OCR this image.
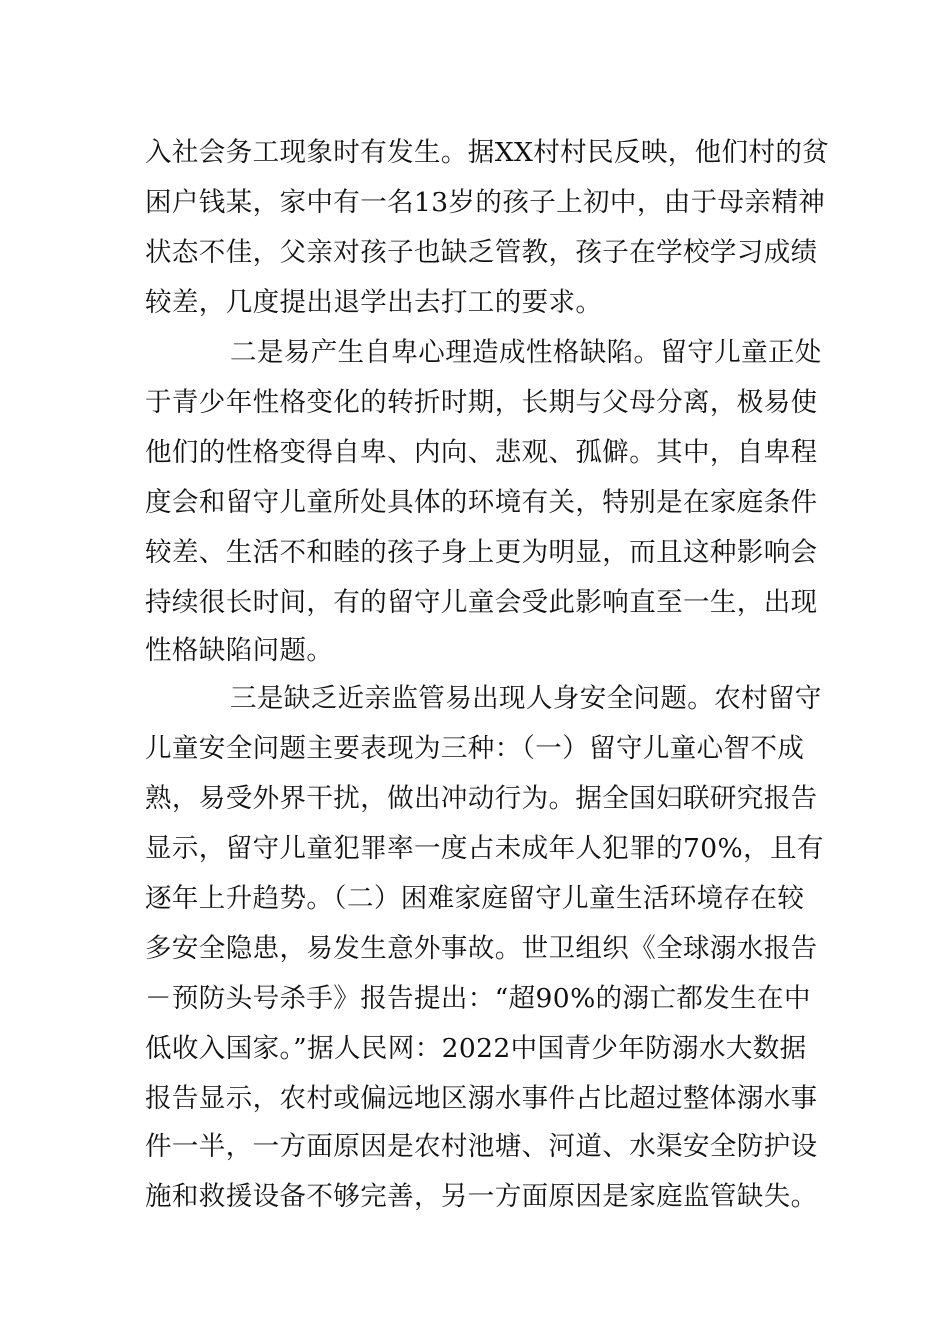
入社会务工现象时有发生。据XX村村民反映，他们村的贫
困户钱某，家中有一名13岁的孩子上初中，由于母亲精神
状态不佳，父亲对孩子也缺乏管教，孩子在学校学习成绩
较差，几度提出退学出去打工的要求。
二是易产生自卑心理造成性格缺陷。留守儿童正处
于青少年性格变化的转折时期，长期与父母分离，极易使
他们的性格变得自卑、内向、悲观、孤僻。其中，自卑程
度会和留守儿童所处具体的环境有关，特别是在家庭条件
较差、生活不和睦的孩子身上更为明显，而且这种影响会
持续很长时间，有的留守儿童会受此影响直至一生，出现
性格缺陷问题。
三是缺乏近亲监管易出现人身安全问题。农村留守
儿童安全问题主要表现为三种：（一）留守儿童心智不成
熟，易受外界干扰，做出冲动行为。据全国妇联研究报告
显示，留守儿童犯罪率一度占未成年人犯罪的70%，且有
逐年上升趋势。（二）困难家庭留守儿童生活环境存在较
多安全隐患，易发生意外事故。世卫组织《全球溺水报告
－预防头号杀手》报告提出：“超90%的溺亡都发生在中
低收入国家。”据人民网：2022中国青少年防溺水大数据
报告显示，农村或偏远地区溺水事件占比超过整体溺水事
件一半，一方面原因是农村池塘、河道、水渠安全防护设
施和救援设备不够完善，另一方面原因是家庭监管缺失。
